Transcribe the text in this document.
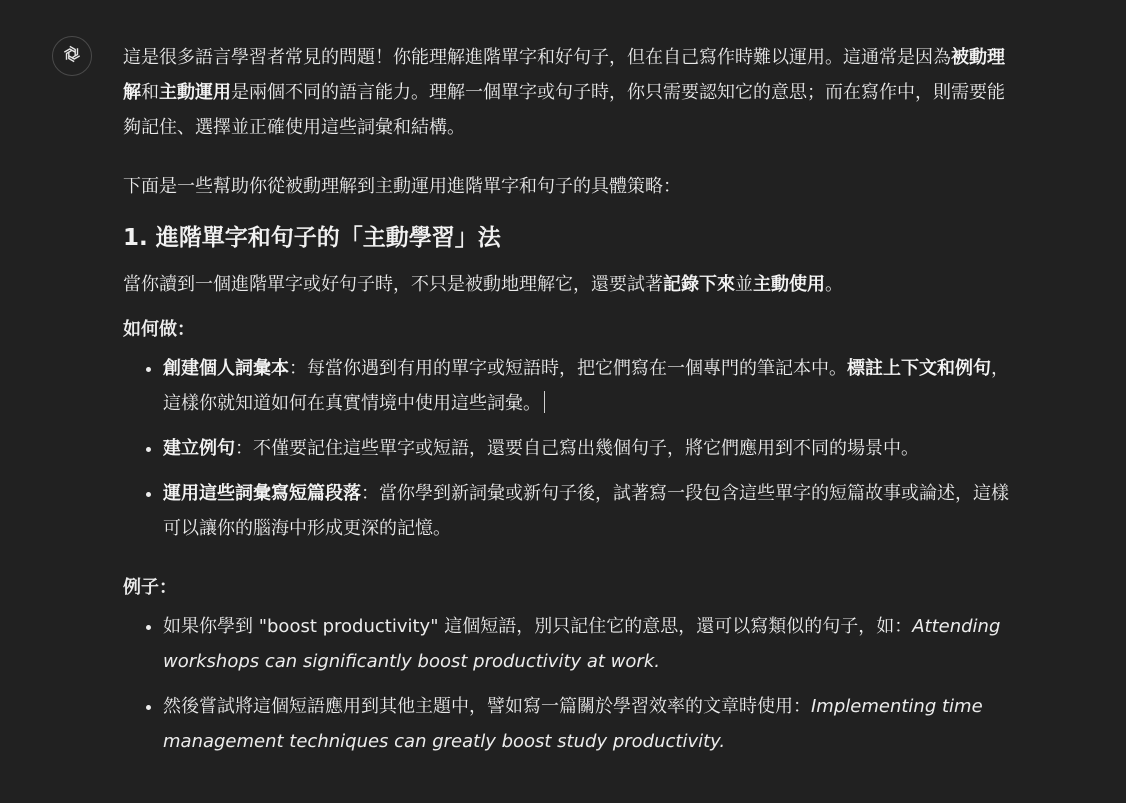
這是很多語言學習者常見的問題！你能理解進階單字和好句子，但在自己寫作時難以運用。這通常是因為被動理解和主動運用是兩個不同的語言能力。理解一個單字或句子時，你只需要認知它的意思；而在寫作中，則需要能夠記住、選擇並正確使用這些詞彙和結構。

下面是一些幫助你從被動理解到主動運用進階單字和句子的具體策略：

1. 進階單字和句子的「主動學習」法

當你讀到一個進階單字或好句子時，不只是被動地理解它，還要試著記錄下來並主動使用。

如何做：

• 創建個人詞彙本：每當你遇到有用的單字或短語時，把它們寫在一個專門的筆記本中。標註上下文和例句，這樣你就知道如何在真實情境中使用這些詞彙。
• 建立例句：不僅要記住這些單字或短語，還要自己寫出幾個句子，將它們應用到不同的場景中。
• 運用這些詞彙寫短篇段落：當你學到新詞彙或新句子後，試著寫一段包含這些單字的短篇故事或論述，這樣可以讓你的腦海中形成更深的記憶。

例子：

• 如果你學到 "boost productivity" 這個短語，別只記住它的意思，還可以寫類似的句子，如：Attending workshops can significantly boost productivity at work.
• 然後嘗試將這個短語應用到其他主題中，譬如寫一篇關於學習效率的文章時使用：Implementing time management techniques can greatly boost study productivity.
